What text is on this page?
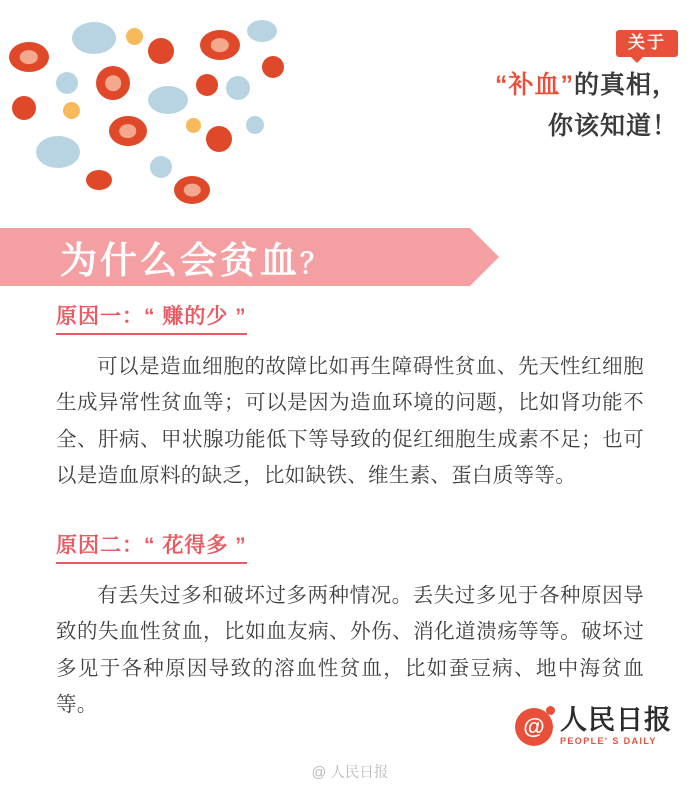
关于
“补血”的真相，
你该知道！
为什么会贫血？
原因一：“ 赚的少 ”

可以是造血细胞的故障比如再生障碍性贫血、先天性红细胞生成异常性贫血等；可以是因为造血环境的问题，比如肾功能不全、肝病、甲状腺功能低下等导致的促红细胞生成素不足；也可以是造血原料的缺乏，比如缺铁、维生素、蛋白质等等。

原因二：“ 花得多 ”

有丢失过多和破坏过多两种情况。丢失过多见于各种原因导致的失血性贫血，比如血友病、外伤、消化道溃疡等等。破坏过多见于各种原因导致的溶血性贫血，比如蚕豆病、地中海贫血等。

@ 人民日报
PEOPLE' S DAILY
@ 人民日报
